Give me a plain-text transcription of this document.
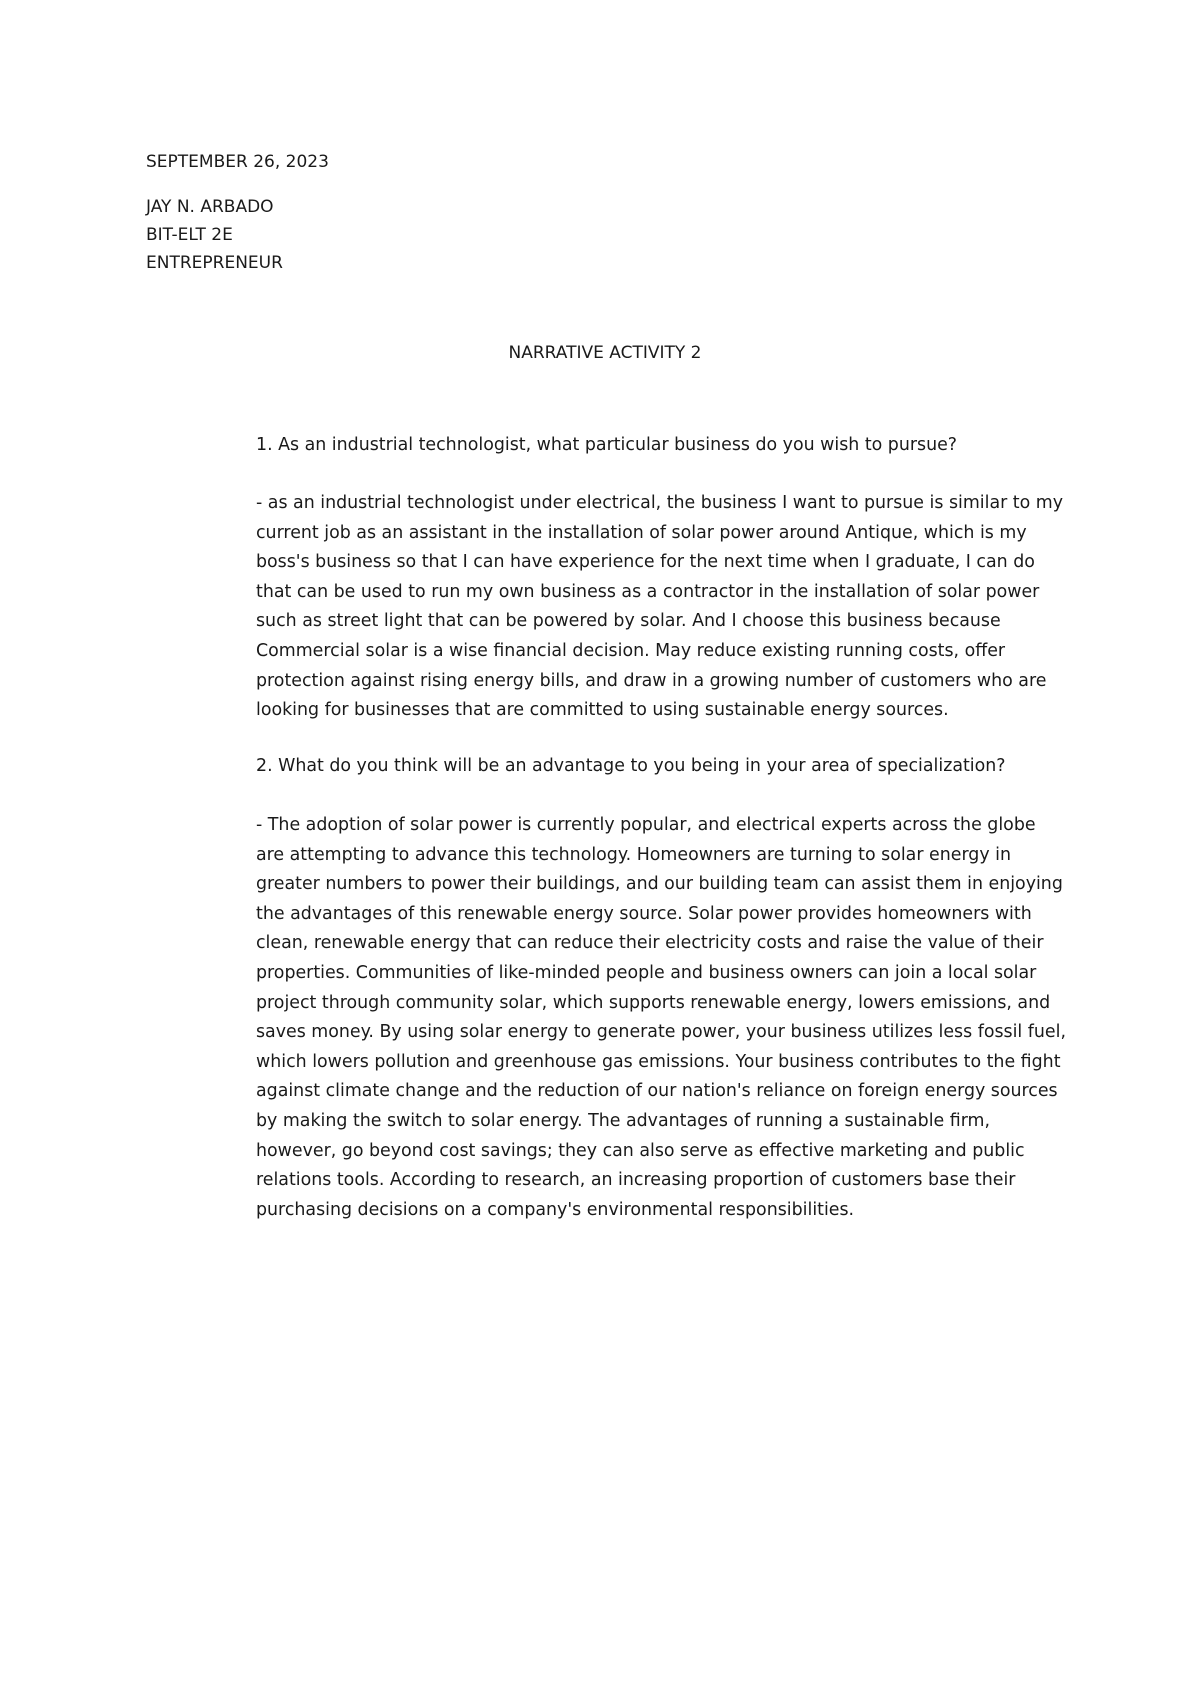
SEPTEMBER 26, 2023
JAY N. ARBADO
BIT-ELT 2E
ENTREPRENEUR
NARRATIVE ACTIVITY 2

1. As an industrial technologist, what particular business do you wish to pursue?

- as an industrial technologist under electrical, the business I want to pursue is similar to my current job as an assistant in the installation of solar power around Antique, which is my boss's business so that I can have experience for the next time when I graduate, I can do that can be used to run my own business as a contractor in the installation of solar power such as street light that can be powered by solar. And I choose this business because Commercial solar is a wise financial decision. May reduce existing running costs, offer protection against rising energy bills, and draw in a growing number of customers who are looking for businesses that are committed to using sustainable energy sources.

2. What do you think will be an advantage to you being in your area of specialization?

- The adoption of solar power is currently popular, and electrical experts across the globe are attempting to advance this technology. Homeowners are turning to solar energy in greater numbers to power their buildings, and our building team can assist them in enjoying the advantages of this renewable energy source. Solar power provides homeowners with clean, renewable energy that can reduce their electricity costs and raise the value of their properties. Communities of like-minded people and business owners can join a local solar project through community solar, which supports renewable energy, lowers emissions, and saves money. By using solar energy to generate power, your business utilizes less fossil fuel, which lowers pollution and greenhouse gas emissions. Your business contributes to the fight against climate change and the reduction of our nation's reliance on foreign energy sources by making the switch to solar energy. The advantages of running a sustainable firm, however, go beyond cost savings; they can also serve as effective marketing and public relations tools. According to research, an increasing proportion of customers base their purchasing decisions on a company's environmental responsibilities.
